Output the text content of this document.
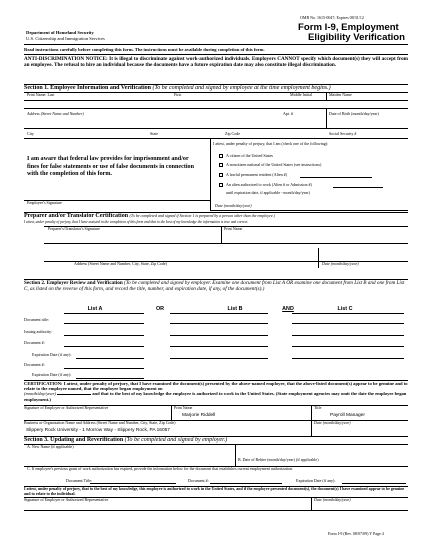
OMB No. 1615-0047; Expires 08/31/12
Department of Homeland Security
U.S. Citizenship and Immigration Services
Form I-9, Employment
Eligibility Verification
Read instructions carefully before completing this form. The instructions must be available during completion of this form.
ANTI-DISCRIMINATION NOTICE: It is illegal to discriminate against work-authorized individuals. Employers CANNOT specify which document(s) they will accept from an employee. The refusal to hire an individual because the documents have a future expiration date may also constitute illegal discrimination.
Section 1. Employee Information and Verification (To be completed and signed by employee at the time employment begins.)
Print Name: Last	First	Middle Initial	Maiden Name
Address (Street Name and Number)	Apt. #	Date of Birth (month/day/year)
City	State	Zip Code	Social Security #
I am aware that federal law provides for imprisonment and/or fines for false statements or use of false documents in connection with the completion of this form.
I attest, under penalty of perjury, that I am (check one of the following):
A citizen of the United States
A noncitizen national of the United States (see instructions)
A lawful permanent resident (Alien #)
An alien authorized to work (Alien # or Admission #)
until expiration date, if applicable - month/day/year)
Employee's Signature
Date (month/day/year)
Preparer and/or Translator Certification (To be completed and signed if Section 1 is prepared by a person other than the employee.)
I attest, under penalty of perjury, that I have assisted in the completion of this form and that to the best of my knowledge the information is true and correct.
Preparer's/Translator's Signature	Print Name
Address (Street Name and Number, City, State, Zip Code)	Date (month/day/year)
Section 2. Employer Review and Verification (To be completed and signed by employer. Examine one document from List A OR examine one document from List B and one from List C, as listed on the reverse of this form, and record the title, number, and expiration date, if any, of the document(s).)
List A	OR	List B	AND	List C
Document title:
Issuing authority:
Document #:
Expiration Date (if any):
Document #:
Expiration Date (if any):
CERTIFICATION: I attest, under penalty of perjury, that I have examined the document(s) presented by the above-named employee, that the above-listed document(s) appear to be genuine and to relate to the employee named, that the employee began employment on
(month/day/year)	and that to the best of my knowledge the employee is authorized to work in the United States. (State employment agencies may omit the date the employee began employment.)
Signature of Employer or Authorized Representative	Print Name	Title
Marjorie Riddell	Payroll Manager
Business or Organization Name and Address (Street Name and Number, City, State, Zip Code)	Date (month/day/year)
Slippery Rock University - 1 Morrow Way - Slippery Rock, PA 16057
Section 3. Updating and Reverification (To be completed and signed by employer.)
A. New Name (if applicable)
B. Date of Rehire (month/day/year) (if applicable)
C. If employee's previous grant of work authorization has expired, provide the information below for the document that establishes current employment authorization.
Document Title:	Document #:	Expiration Date (if any):
I attest, under penalty of perjury, that to the best of my knowledge, this employee is authorized to work in the United States, and if the employee presented document(s), the document(s) I have examined appear to be genuine and to relate to the individual.
Signature of Employer or Authorized Representative	Date (month/day/year)
Form I-9 (Rev. 08/07/09) Y Page 4
